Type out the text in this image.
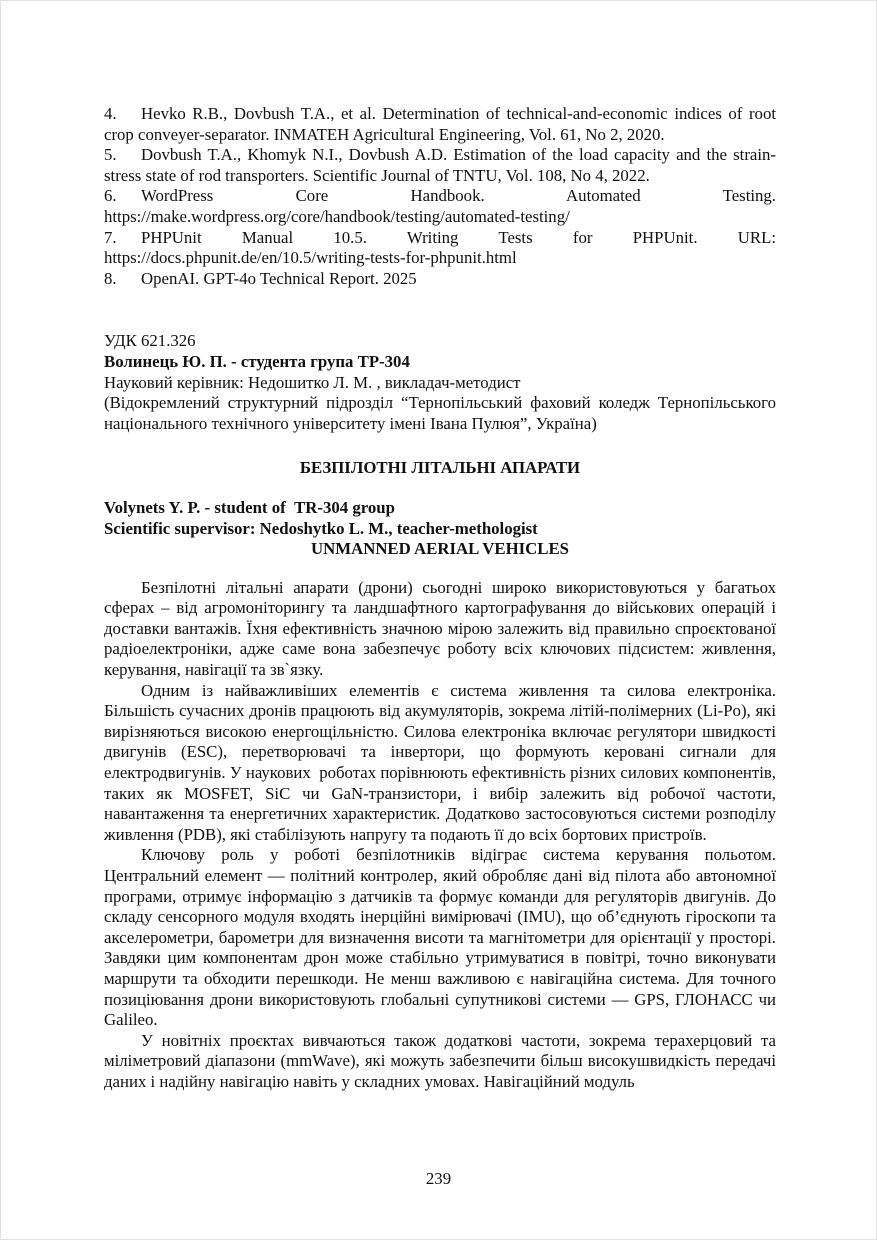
4. Hevko R.B., Dovbush T.A., et al. Determination of technical-and-economic indices of root crop conveyer-separator. INMATEH Agricultural Engineering, Vol. 61, No 2, 2020.

5. Dovbush T.A., Khomyk N.I., Dovbush A.D. Estimation of the load capacity and the strain-stress state of rod transporters. Scientific Journal of TNTU, Vol. 108, No 4, 2022.

6. WordPress Core Handbook. Automated Testing. https://make.wordpress.org/core/handbook/testing/automated-testing/

7. PHPUnit Manual 10.5. Writing Tests for PHPUnit. URL: https://docs.phpunit.de/en/10.5/writing-tests-for-phpunit.html

8. OpenAI. GPT-4o Technical Report. 2025

УДК 621.326

Волинець Ю. П. - студента група ТР-304

Науковий керівник: Недошитко Л. М. , викладач-методист

(Відокремлений структурний підрозділ “Тернопільський фаховий коледж Тернопільського національного технічного університету імені Івана Пулюя”, Україна)

БЕЗПІЛОТНІ ЛІТАЛЬНІ АПАРАТИ

Volynets Y. P. - student of  TR-304 group

Scientific supervisor: Nedoshytko L. M., teacher-methologist

UNMANNED AERIAL VEHICLES

Безпілотні літальні апарати (дрони) сьогодні широко використовуються у багатьох сферах – від агромоніторингу та ландшафтного картографування до військових операцій і доставки вантажів. Їхня ефективність значною мірою залежить від правильно спроєктованої радіоелектроніки, адже саме вона забезпечує роботу всіх ключових підсистем: живлення, керування, навігації та зв`язку.

Одним із найважливіших елементів є система живлення та силова електроніка. Більшість сучасних дронів працюють від акумуляторів, зокрема літій-полімерних (Li-Po), які вирізняються високою енергощільністю. Силова електроніка включає регулятори швидкості двигунів (ESC), перетворювачі та інвертори, що формують керовані сигнали для електродвигунів. У наукових  роботах порівнюють ефективність різних силових компонентів, таких як MOSFET, SiC чи GaN-транзистори, і вибір залежить від робочої частоти, навантаження та енергетичних характеристик. Додатково застосовуються системи розподілу живлення (PDB), які стабілізують напругу та подають її до всіх бортових пристроїв.

Ключову роль у роботі безпілотників відіграє система керування польотом. Центральний елемент — політний контролер, який обробляє дані від пілота або автономної програми, отримує інформацію з датчиків та формує команди для регуляторів двигунів. До складу сенсорного модуля входять інерційні вимірювачі (IMU), що об’єднують гіроскопи та акселерометри, барометри для визначення висоти та магнітометри для орієнтації у просторі. Завдяки цим компонентам дрон може стабільно утримуватися в повітрі, точно виконувати маршрути та обходити перешкоди. Не менш важливою є навігаційна система. Для точного позиціювання дрони використовують глобальні супутникові системи — GPS, ГЛОНАСС чи Galileo.

У новітніх проєктах вивчаються також додаткові частоти, зокрема терахерцовий та міліметровий діапазони (mmWave), які можуть забезпечити більш високушвидкість передачі даних і надійну навігацію навіть у складних умовах. Навігаційний модуль

239
